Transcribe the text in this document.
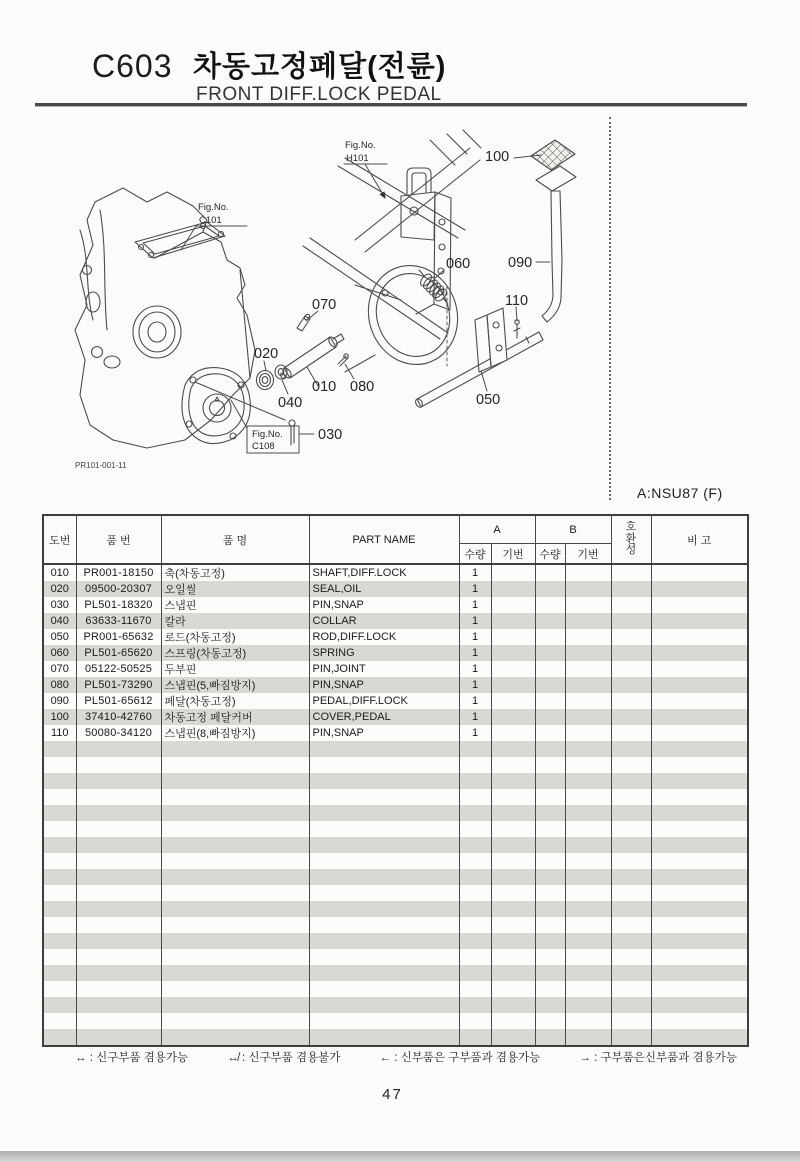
C603 차동고정페달(전륜)
FRONT DIFF.LOCK PEDAL
010
020
030
040	050
060
070
080
090
100
110
Fig.No.
C101
Fig.No.
H101
Fig.No.
C108
PR101-001-11
A:NSU87 (F)
도번	품 번	품 명	PART NAME	A		B		호환성	비 고
				수량	기번	수량	기번		
010	PR001-18150	축(차동고정)	SHAFT,DIFF.LOCK	1					
020	09500-20307	오일씰	SEAL,OIL	1					
030	PL501-18320	스냅핀	PIN,SNAP	1					
040	63633-11670	칼라	COLLAR	1					
050	PR001-65632	로드(차동고정)	ROD,DIFF.LOCK	1					
060	PL501-65620	스프링(차동고정)	SPRING	1					
070	05122-50525	두부핀	PIN,JOINT	1					
080	PL501-73290	스냅핀(5,빠짐방지)	PIN,SNAP	1					
090	PL501-65612	페달(차동고정)	PEDAL,DIFF.LOCK	1					
100	37410-42760	차동고정 페달커버	COVER,PEDAL	1					
110	50080-34120	스냅핀(8,빠짐방지)	PIN,SNAP	1					

↔ : 신구부품 겸용가능	↮ : 신구부품 겸용불가	← : 신부품은 구부품과 겸용가능	→ : 구부품은신부품과 겸용가능
47
